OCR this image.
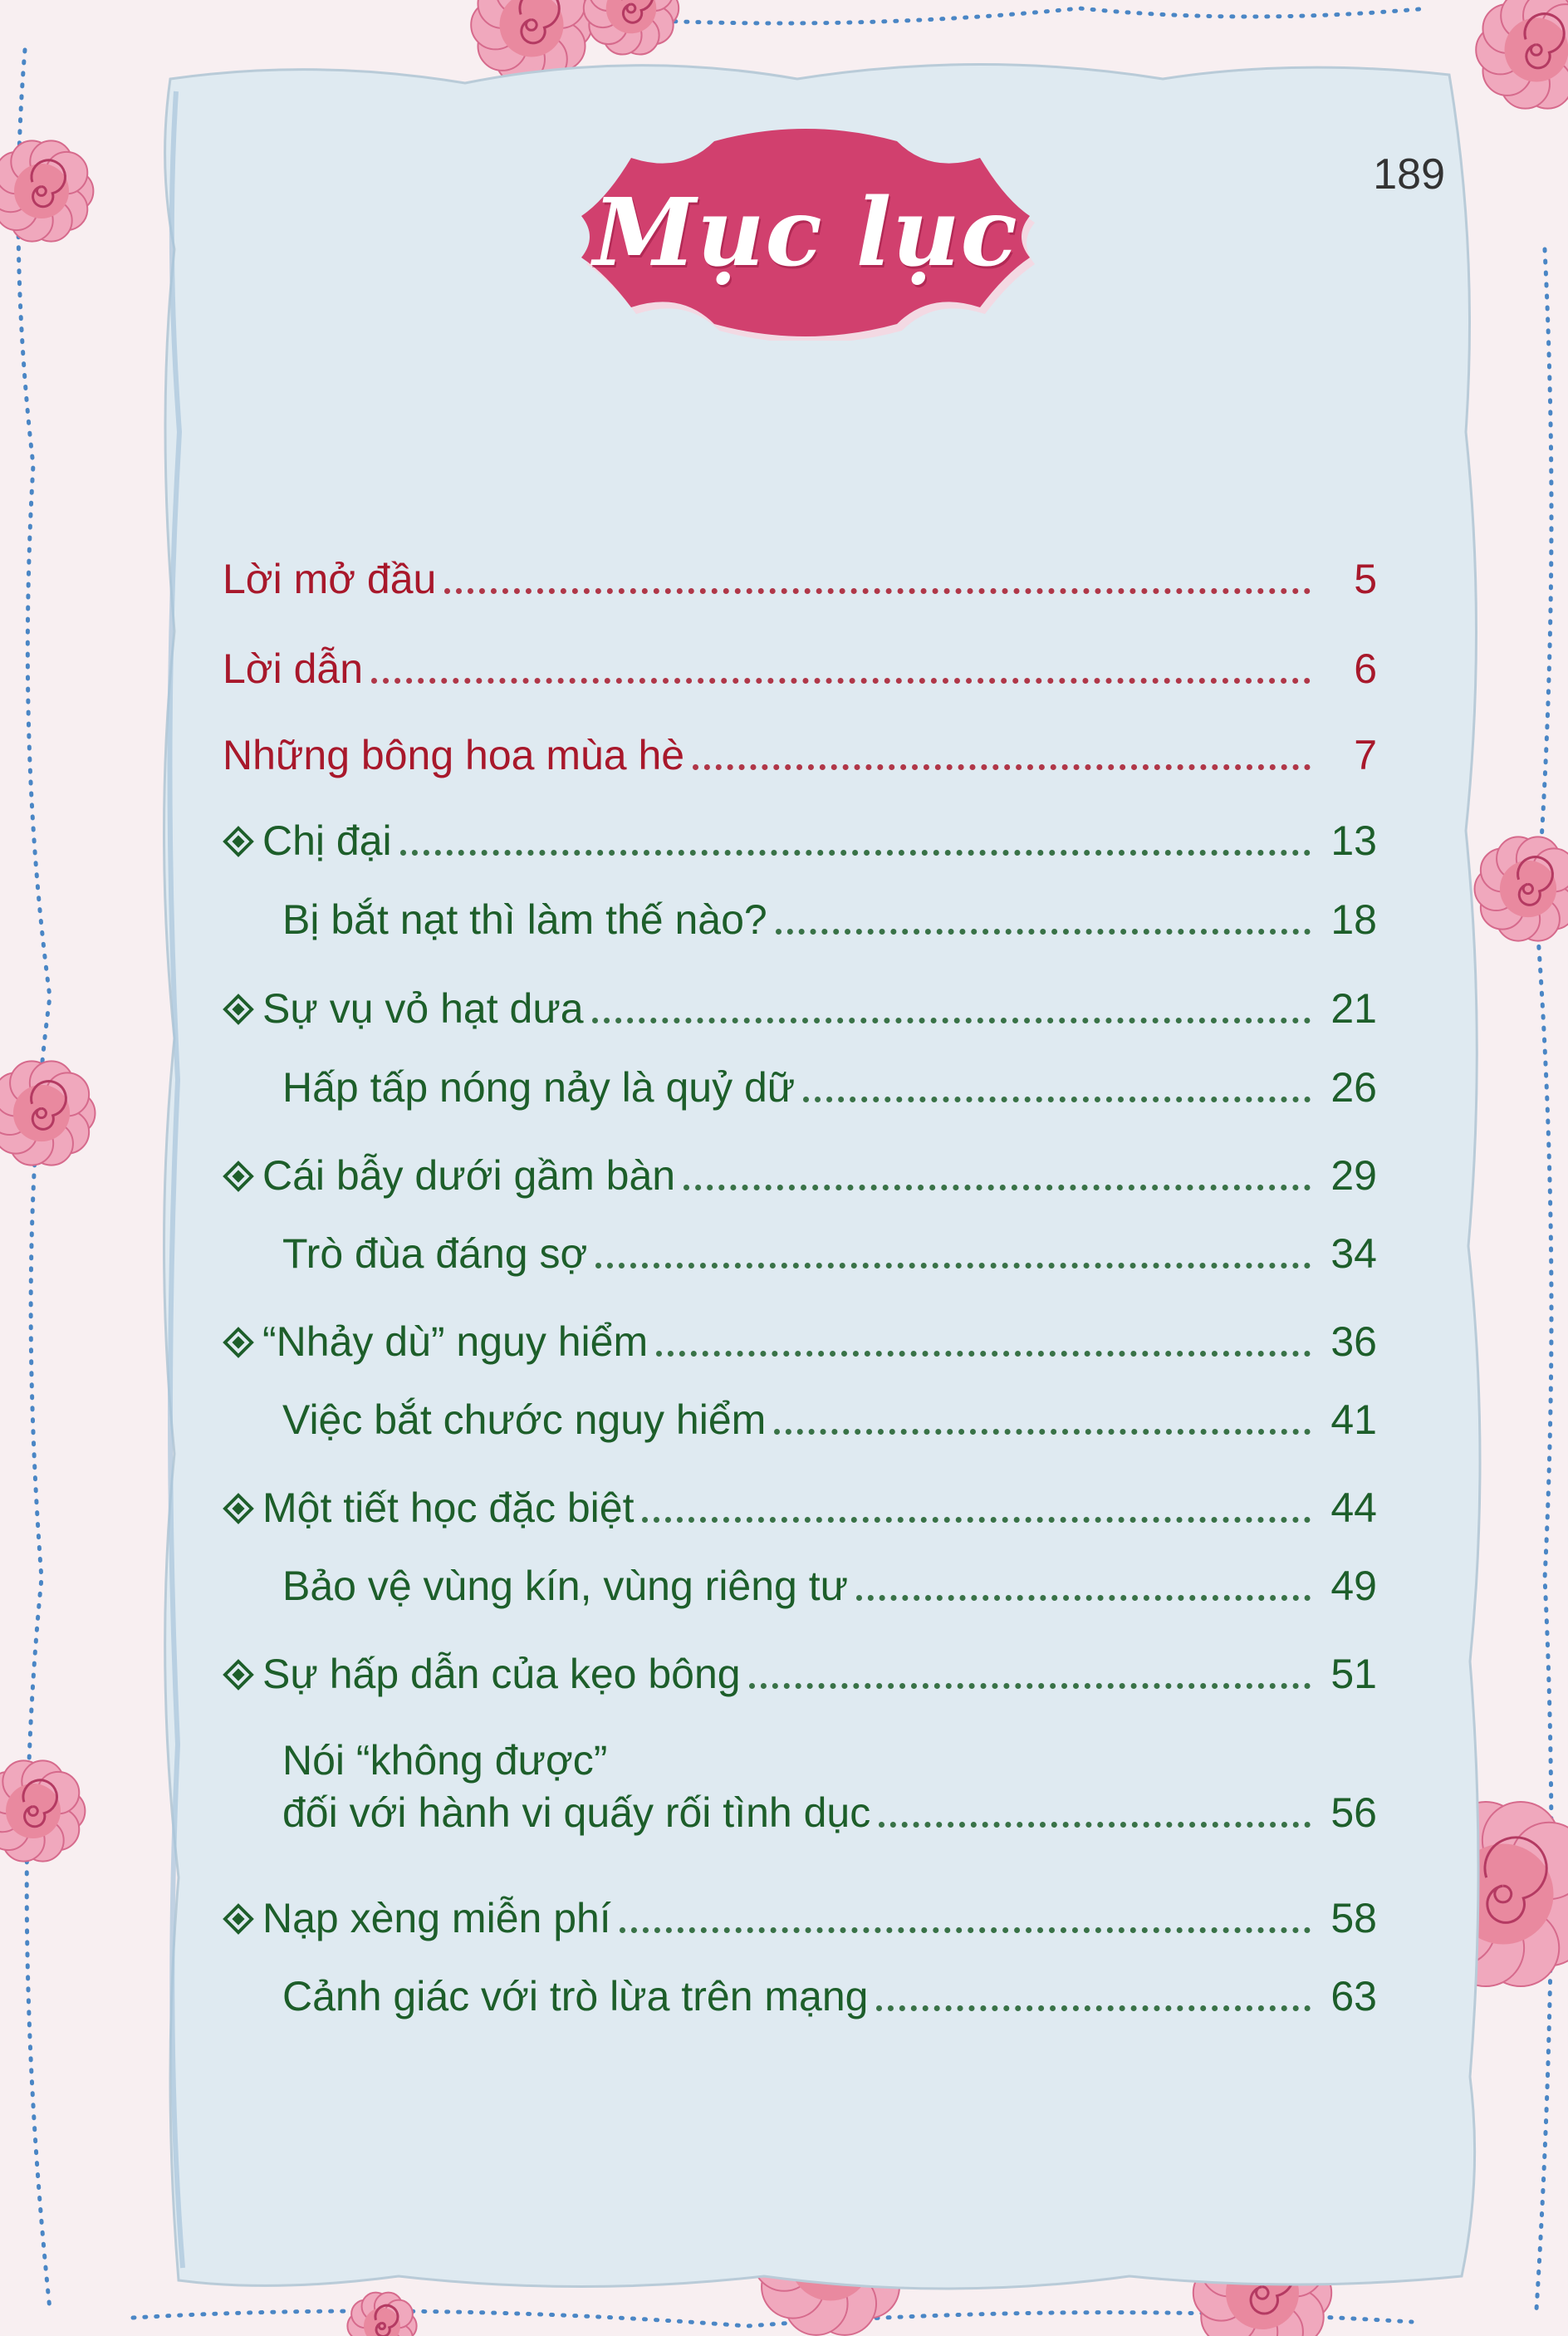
189
Mục lục
Lời mở đầu	5
Lời dẫn	6
Những bông hoa mùa hè	7
Chị đại	13
Bị bắt nạt thì làm thế nào?	18
Sự vụ vỏ hạt dưa	21
Hấp tấp nóng nảy là quỷ dữ	26
Cái bẫy dưới gầm bàn	29
Trò đùa đáng sợ	34
“Nhảy dù” nguy hiểm	36
Việc bắt chước nguy hiểm	41
Một tiết học đặc biệt	44
Bảo vệ vùng kín, vùng riêng tư	49
Sự hấp dẫn của kẹo bông	51
Nói “không được”
đối với hành vi quấy rối tình dục	56
Nạp xèng miễn phí	58
Cảnh giác với trò lừa trên mạng	63
